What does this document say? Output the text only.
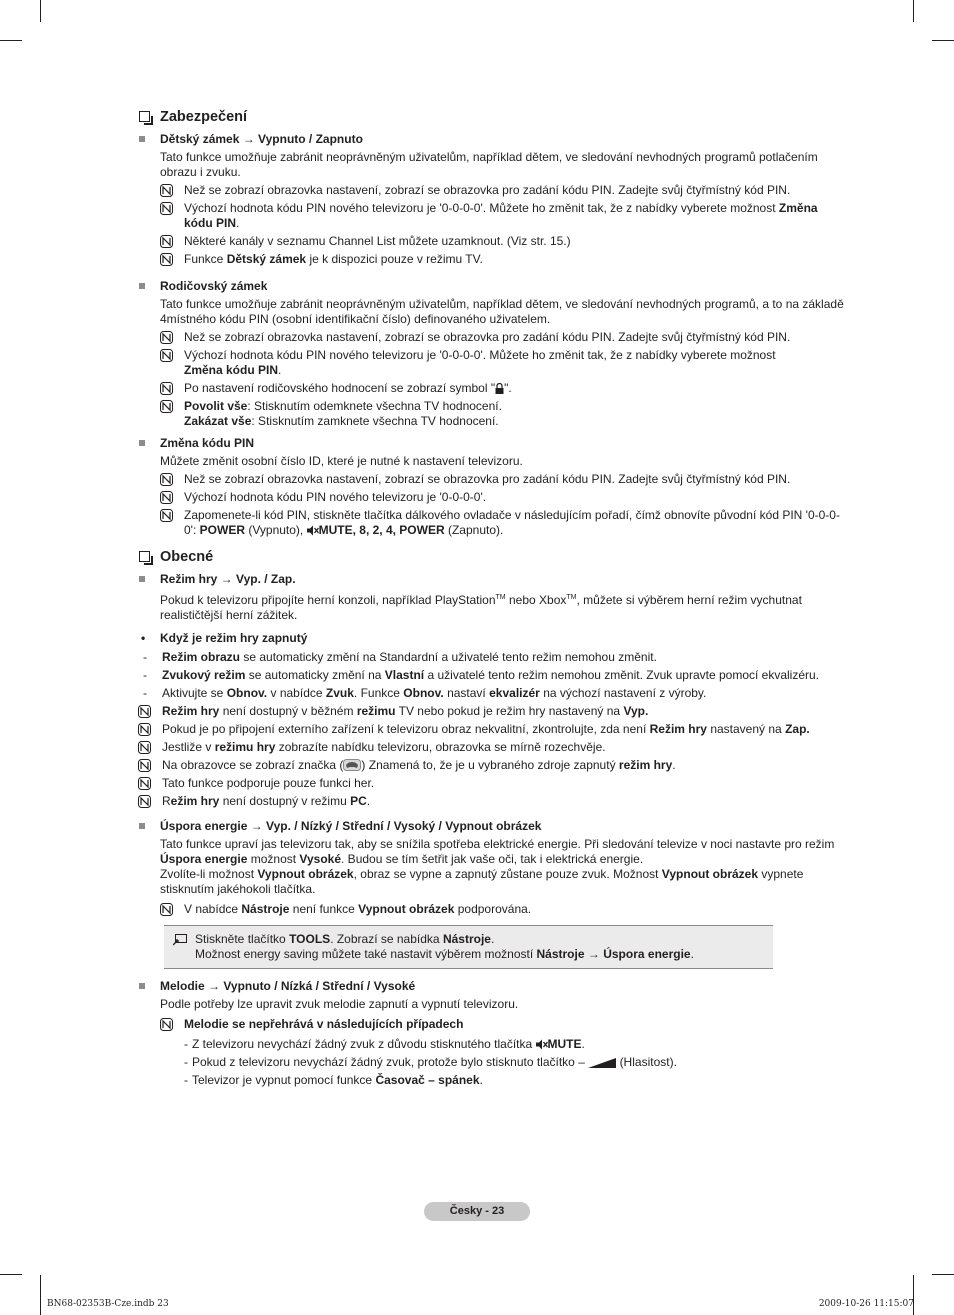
Zabezpečení
Dětský zámek → Vypnuto / Zapnuto
Tato funkce umožňuje zabránit neoprávněným uživatelům, například dětem, ve sledování nevhodných programů potlačením obrazu i zvuku.
Než se zobrazí obrazovka nastavení, zobrazí se obrazovka pro zadání kódu PIN. Zadejte svůj čtyřmístný kód PIN.
Výchozí hodnota kódu PIN nového televizoru je '0-0-0-0'. Můžete ho změnit tak, že z nabídky vyberete možnost Změna kódu PIN.
Některé kanály v seznamu Channel List můžete uzamknout. (Viz str. 15.)
Funkce Dětský zámek je k dispozici pouze v režimu TV.
Rodičovský zámek
Tato funkce umožňuje zabránit neoprávněným uživatelům, například dětem, ve sledování nevhodných programů, a to na základě 4místného kódu PIN (osobní identifikační číslo) definovaného uživatelem.
Než se zobrazí obrazovka nastavení, zobrazí se obrazovka pro zadání kódu PIN. Zadejte svůj čtyřmístný kód PIN.
Výchozí hodnota kódu PIN nového televizoru je '0-0-0-0'. Můžete ho změnit tak, že z nabídky vyberete možnost
Změna kódu PIN.
Po nastavení rodičovského hodnocení se zobrazí symbol " ".
Povolit vše: Stisknutím odemknete všechna TV hodnocení.
Zakázat vše: Stisknutím zamknete všechna TV hodnocení.
Změna kódu PIN
Můžete změnit osobní číslo ID, které je nutné k nastavení televizoru.
Než se zobrazí obrazovka nastavení, zobrazí se obrazovka pro zadání kódu PIN. Zadejte svůj čtyřmístný kód PIN.
Výchozí hodnota kódu PIN nového televizoru je '0-0-0-0'.
Zapomenete-li kód PIN, stiskněte tlačítka dálkového ovladače v následujícím pořadí, čímž obnovíte původní kód PIN '0-0-0-0': POWER (Vypnuto), MUTE, 8, 2, 4, POWER (Zapnuto).
Obecné
Režim hry → Vyp. / Zap.
Pokud k televizoru připojíte herní konzoli, například PlayStation™ nebo Xbox™, můžete si výběrem herní režim vychutnat realističtější herní zážitek.
• Když je režim hry zapnutý
- Režim obrazu se automaticky změní na Standardní a uživatelé tento režim nemohou změnit.
- Zvukový režim se automaticky změní na Vlastní a uživatelé tento režim nemohou změnit. Zvuk upravte pomocí ekvalizéru.
- Aktivujte se Obnov. v nabídce Zvuk. Funkce Obnov. nastaví ekvalizér na výchozí nastavení z výroby.
Režim hry není dostupný v běžném režimu TV nebo pokud je režim hry nastavený na Vyp.
Pokud je po připojení externího zařízení k televizoru obraz nekvalitní, zkontrolujte, zda není Režim hry nastavený na Zap.
Jestliže v režimu hry zobrazíte nabídku televizoru, obrazovka se mírně rozechvěje.
Na obrazovce se zobrazí značka ( ) Znamená to, že je u vybraného zdroje zapnutý režim hry.
Tato funkce podporuje pouze funkci her.
Režim hry není dostupný v režimu PC.
Úspora energie → Vyp. / Nízký / Střední / Vysoký / Vypnout obrázek
Tato funkce upraví jas televizoru tak, aby se snížila spotřeba elektrické energie. Při sledování televize v noci nastavte pro režim Úspora energie možnost Vysoké. Budou se tím šetřit jak vaše oči, tak i elektrická energie.
Zvolíte-li možnost Vypnout obrázek, obraz se vypne a zapnutý zůstane pouze zvuk. Možnost Vypnout obrázek vypnete stisknutím jakéhokoli tlačítka.
V nabídce Nástroje není funkce Vypnout obrázek podporována.
Stiskněte tlačítko TOOLS. Zobrazí se nabídka Nástroje.
Možnost energy saving můžete také nastavit výběrem možností Nástroje → Úspora energie.
Melodie → Vypnuto / Nízká / Střední / Vysoké
Podle potřeby lze upravit zvuk melodie zapnutí a vypnutí televizoru.
Melodie se nepřehrává v následujících případech
- Z televizoru nevychází žádný zvuk z důvodu stisknutého tlačítka MUTE.
- Pokud z televizoru nevychází žádný zvuk, protože bylo stisknuto tlačítko –	(Hlasitost).
- Televizor je vypnut pomocí funkce Časovač – spánek.
Česky - 23
BN68-02353B-Cze.indb 23	2009-10-26 11:15:07
